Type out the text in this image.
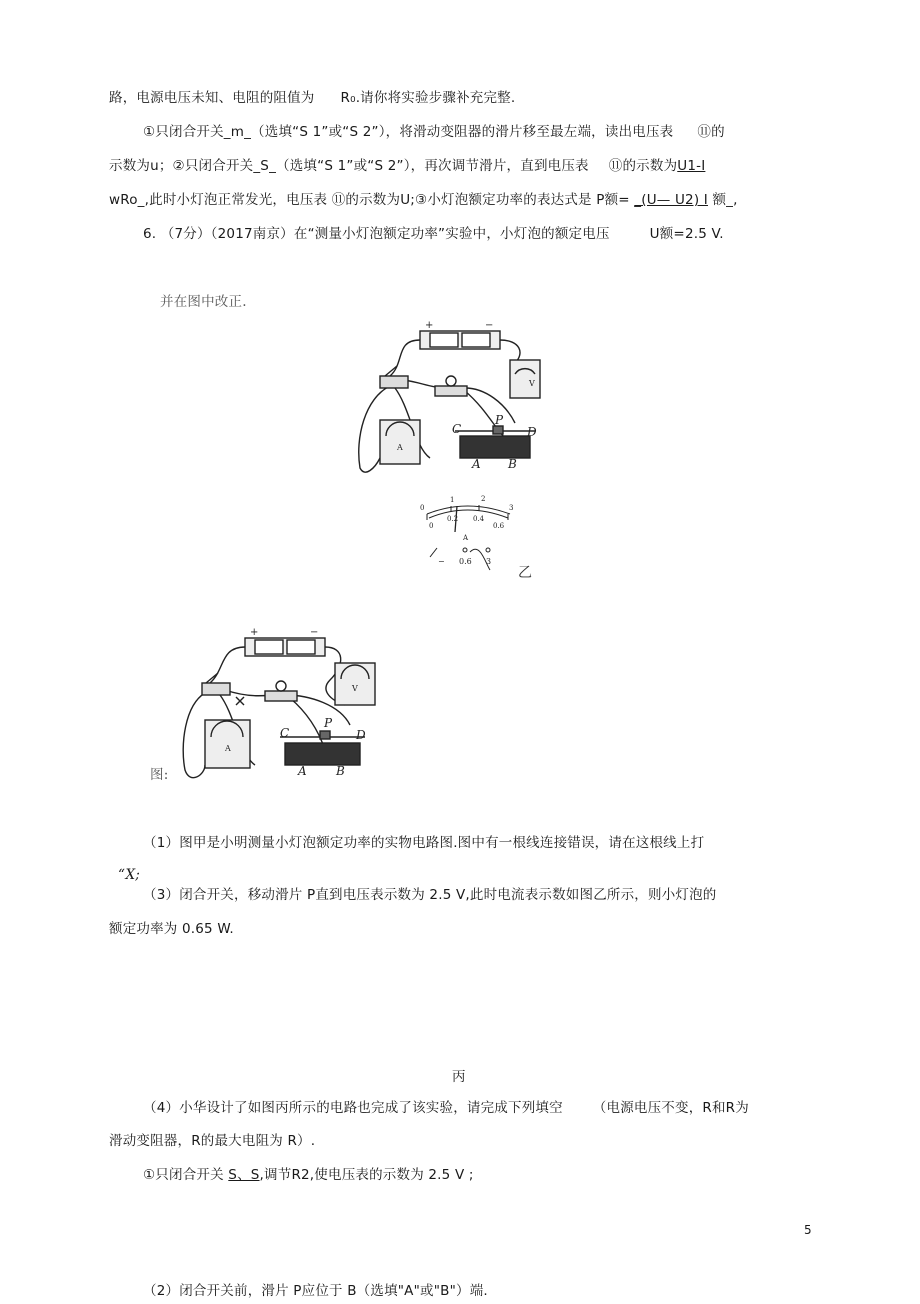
路，电源电压未知、电阻的阻值为 R₀.请你将实验步骤补充完整.
①只闭合开关_m_（选填“S 1”或“S 2”），将滑动变阻器的滑片移至最左端，读出电压表 ⑪的
示数为u；②只闭合开关_S_（选填“S 1”或“S 2”），再次调节滑片，直到电压表 ⑪的示数为U1-I
wRo_,此时小灯泡正常发光，电压表 ⑪的示数为U;③小灯泡额定功率的表达式是 P额= _(U— U2) I 额_,
6. （7分）（2017南京）在“测量小灯泡额定功率”实验中，小灯泡的额定电压	U额=2.5 V.
并在图中改正.
+	−
V
A
C
P
D
A B
0
1	2
3
0
0.2 0.4
0.6
A
− 0.6 3
乙
+	−
V
A
C
P
D
A B
图:
（1）图甲是小明测量小灯泡额定功率的实物电路图.图中有一根线连接错误，请在这根线上打
“X;
（3）闭合开关，移动滑片 P直到电压表示数为 2.5 V,此时电流表示数如图乙所示，则小灯泡的
额定功率为 0.65 W.
丙
（4）小华设计了如图丙所示的电路也完成了该实验，请完成下列填空 （电源电压不变，R和R为
滑动变阻器，R的最大电阻为 R）.
①只闭合开关 S、S,调节R2,使电压表的示数为 2.5 V ;
5
（2）闭合开关前，滑片 P应位于 B（选填"A"或"B"）端.
